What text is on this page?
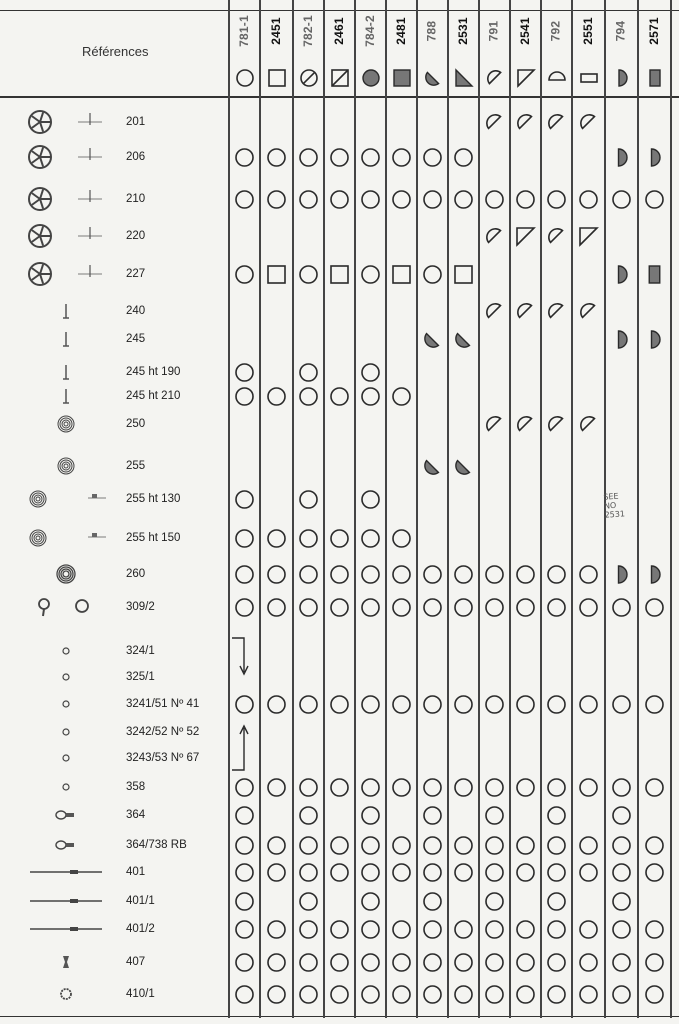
Références
781-1 2451 782-1 2461 784-2 2481 788 2531 791 2541 792 2551 794 2571
201
206
210
220
227
240
245
245 ht 190
245 ht 210
250
255
255 ht 130
255 ht 150
260
309/2
324/1
325/1
3241/51 Nº 41
3242/52 Nº 52
3243/53 Nº 67
358
364
364/738 RB
401
401/1
401/2
407
410/1
SEE
NO
2531
